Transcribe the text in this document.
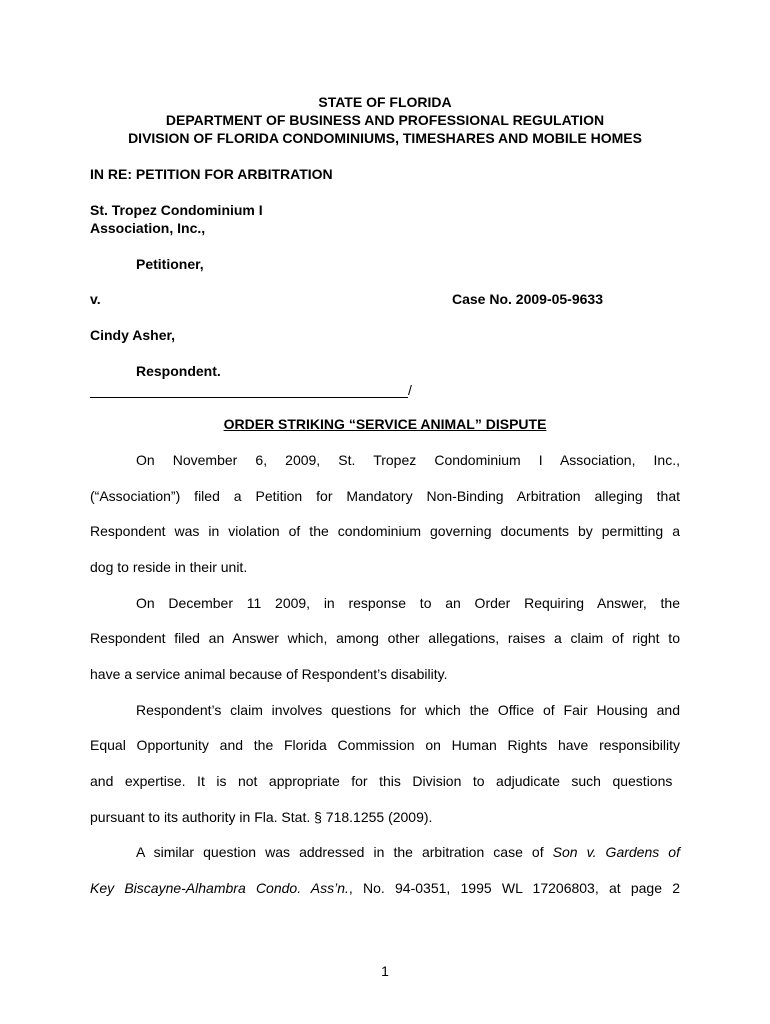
STATE OF FLORIDA
DEPARTMENT OF BUSINESS AND PROFESSIONAL REGULATION
DIVISION OF FLORIDA CONDOMINIUMS, TIMESHARES AND MOBILE HOMES
IN RE: PETITION FOR ARBITRATION
St. Tropez Condominium I
Association, Inc.,
Petitioner,
v.	Case No. 2009-05-9633
Cindy Asher,
Respondent.
/
ORDER STRIKING “SERVICE ANIMAL” DISPUTE
On November 6, 2009, St. Tropez Condominium I Association, Inc.,
(“Association”) filed a Petition for Mandatory Non-Binding Arbitration alleging that
Respondent was in violation of the condominium governing documents by permitting a
dog to reside in their unit.
On December 11 2009, in response to an Order Requiring Answer, the
Respondent filed an Answer which, among other allegations, raises a claim of right to
have a service animal because of Respondent’s disability.
Respondent’s claim involves questions for which the Office of Fair Housing and
Equal Opportunity and the Florida Commission on Human Rights have responsibility
and expertise. It is not appropriate for this Division to adjudicate such questions
pursuant to its authority in Fla. Stat. § 718.1255 (2009).
A similar question was addressed in the arbitration case of Son v. Gardens of
Key Biscayne-Alhambra Condo. Ass’n., No. 94-0351, 1995 WL 17206803, at page 2
1
